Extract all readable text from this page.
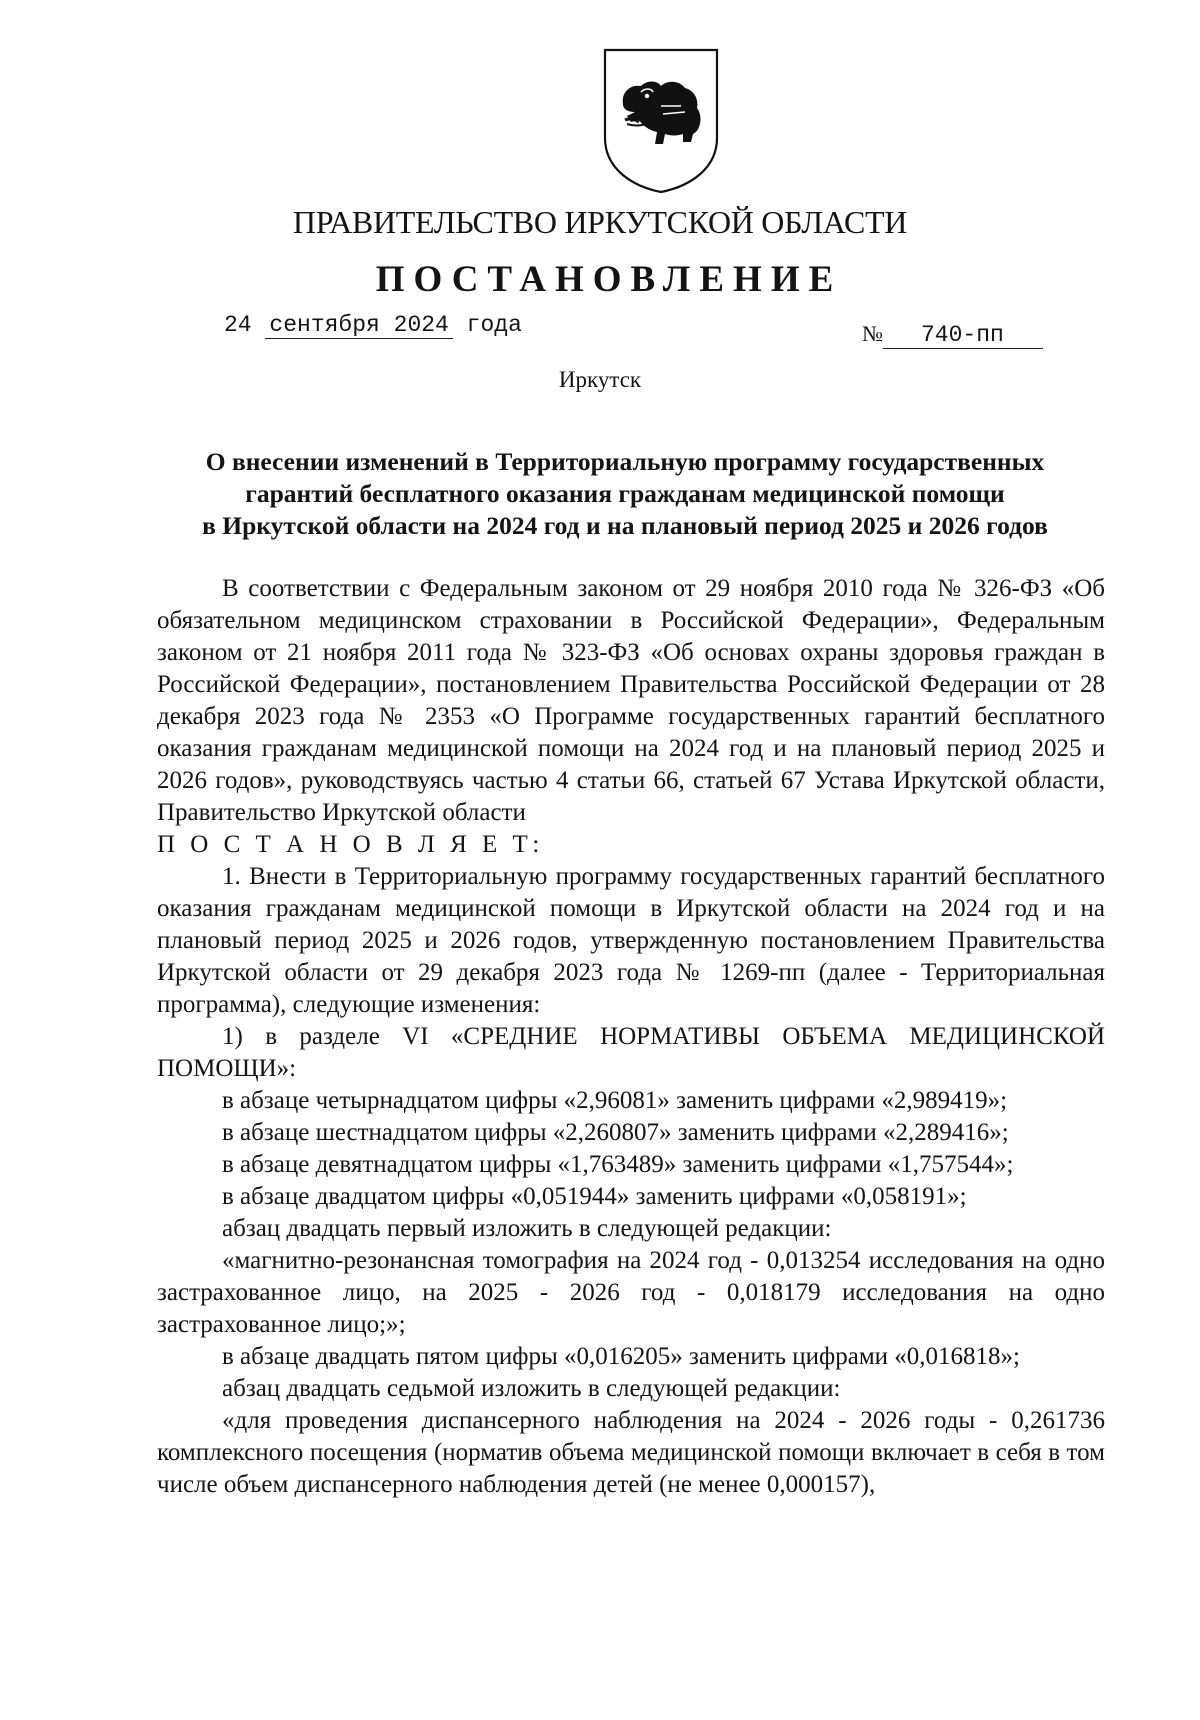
ПРАВИТЕЛЬСТВО ИРКУТСКОЙ ОБЛАСТИ
ПОСТАНОВЛЕНИЕ
24 сентября 2024 года	№ 740-пп
Иркутск
О внесении изменений в Территориальную программу государственных
гарантий бесплатного оказания гражданам медицинской помощи
в Иркутской области на 2024 год и на плановый период 2025 и 2026 годов

В соответствии с Федеральным законом от 29 ноября 2010 года № 326-ФЗ «Об обязательном медицинском страховании в Российской Федерации», Федеральным законом от 21 ноября 2011 года № 323-ФЗ «Об основах охраны здоровья граждан в Российской Федерации», постановлением Правительства Российской Федерации от 28 декабря 2023 года № 2353 «О Программе государственных гарантий бесплатного оказания гражданам медицинской помощи на 2024 год и на плановый период 2025 и 2026 годов», руководствуясь частью 4 статьи 66, статьей 67 Устава Иркутской области, Правительство Иркутской области

П О С Т А Н О В Л Я Е Т:

1. Внести в Территориальную программу государственных гарантий бесплатного оказания гражданам медицинской помощи в Иркутской области на 2024 год и на плановый период 2025 и 2026 годов, утвержденную постановлением Правительства Иркутской области от 29 декабря 2023 года № 1269-пп (далее - Территориальная программа), следующие изменения:

1) в разделе VI «СРЕДНИЕ НОРМАТИВЫ ОБЪЕМА МЕДИЦИНСКОЙ ПОМОЩИ»:

в абзаце четырнадцатом цифры «2,96081» заменить цифрами «2,989419»;

в абзаце шестнадцатом цифры «2,260807» заменить цифрами «2,289416»;

в абзаце девятнадцатом цифры «1,763489» заменить цифрами «1,757544»;

в абзаце двадцатом цифры «0,051944» заменить цифрами «0,058191»;

абзац двадцать первый изложить в следующей редакции:

«магнитно-резонансная томография на 2024 год - 0,013254 исследования на одно застрахованное лицо, на 2025 - 2026 год - 0,018179 исследования на одно застрахованное лицо;»;

в абзаце двадцать пятом цифры «0,016205» заменить цифрами «0,016818»;

абзац двадцать седьмой изложить в следующей редакции:

«для проведения диспансерного наблюдения на 2024 - 2026 годы - 0,261736 комплексного посещения (норматив объема медицинской помощи включает в себя в том числе объем диспансерного наблюдения детей (не менее 0,000157),
